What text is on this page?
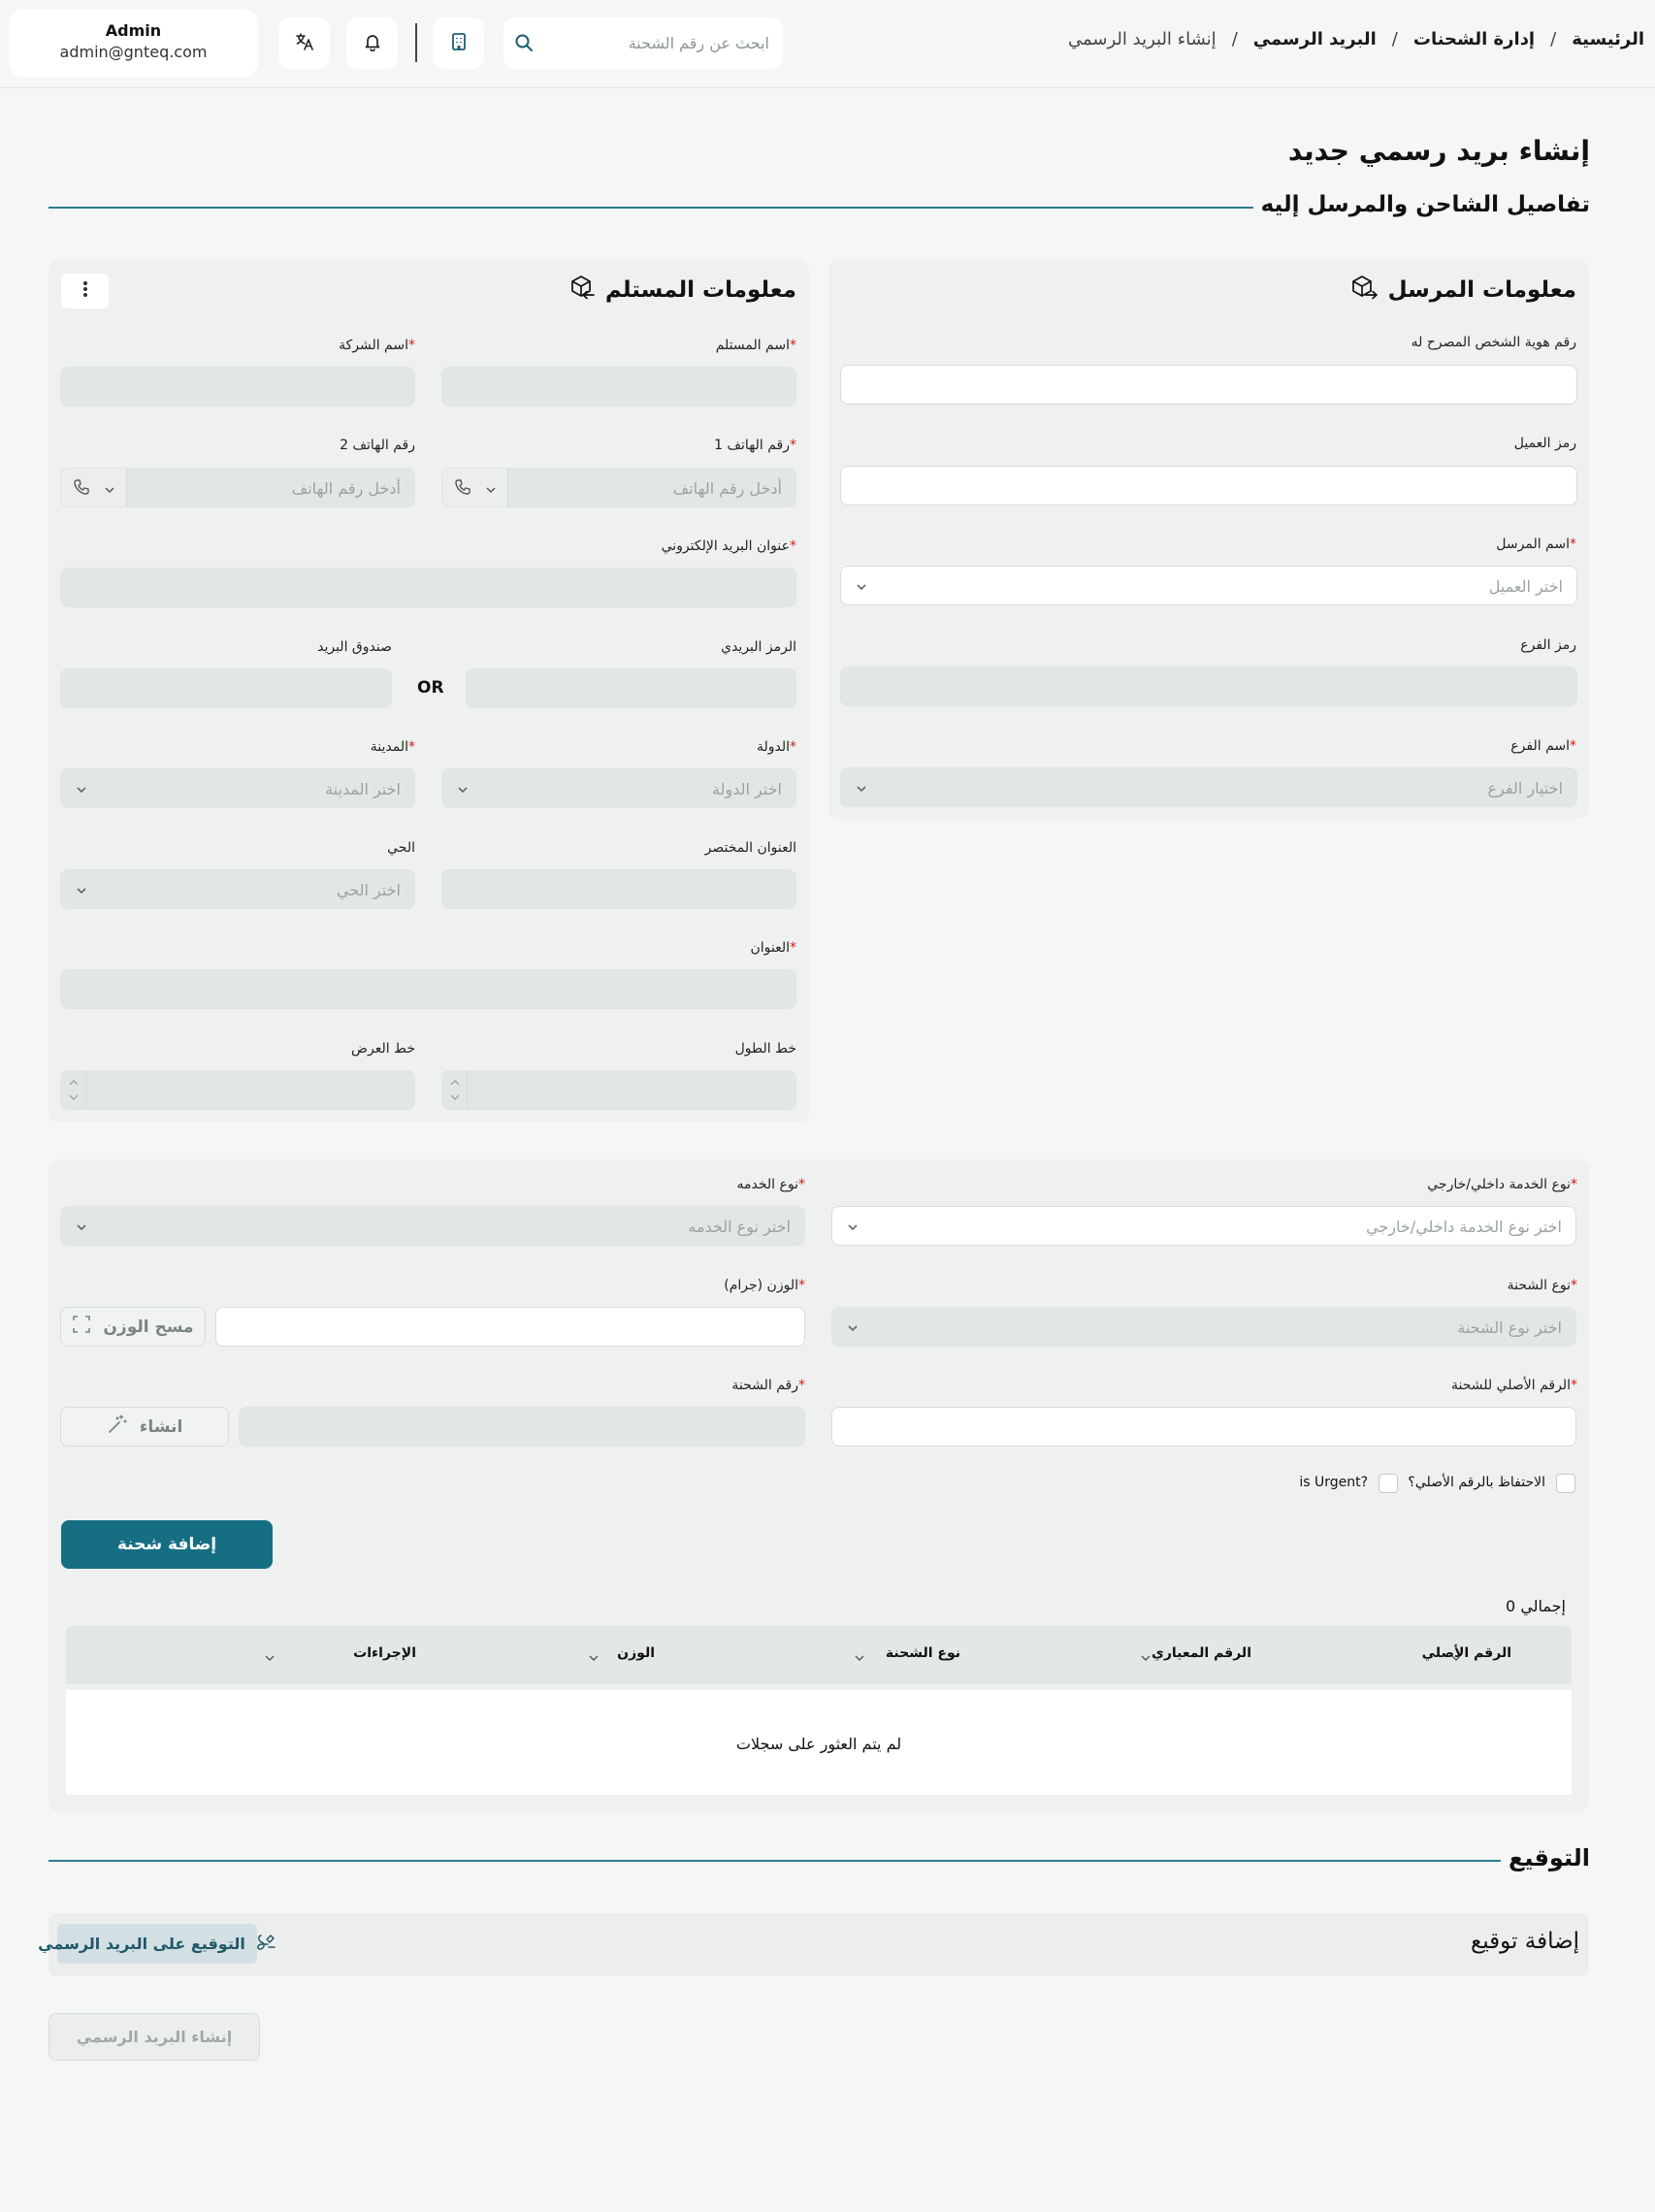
الرئيسية
/
إدارة الشحنات
/
البريد الرسمي
/
إنشاء البريد الرسمي
ابحث عن رقم الشحنة
Admin
admin@gnteq.com
إنشاء بريد رسمي جديد
تفاصيل الشاحن والمرسل إليه
معلومات المرسل
رقم هوية الشخص المصرح له
رمز العميل
*اسم المرسل
اختر العميل
رمز الفرع
*اسم الفرع
اختيار الفرع
معلومات المستلم
*اسم المستلم
*اسم الشركة
*رقم الهاتف 1
أدخل رقم الهاتف
رقم الهاتف 2
أدخل رقم الهاتف
*عنوان البريد الإلكتروني
الرمز البريدي
OR
صندوق البريد
*الدولة
اختر الدولة
*المدينة
اختر المدينة
العنوان المختصر
الحي
اختر الحي
*العنوان
خط الطول
خط العرض
*نوع الخدمة داخلي/خارجي
اختر نوع الخدمة داخلي/خارجي
*نوع الخدمه
اختر نوع الخدمه
*نوع الشحنة
اختر نوع الشحنة
*الوزن (جرام)
مسح الوزن
*الرقم الأصلي للشحنة
*رقم الشحنة
انشاء
الاحتفاظ بالرقم الأصلي؟
is Urgent?
إضافة شحنة
إجمالي 0
الرقم الأصلي
الرقم المعياري
نوع الشحنة
الوزن
الإجراءات
لم يتم العثور على سجلات
التوقيع
إضافة توقيع
التوقيع على البريد الرسمي
إنشاء البريد الرسمي
